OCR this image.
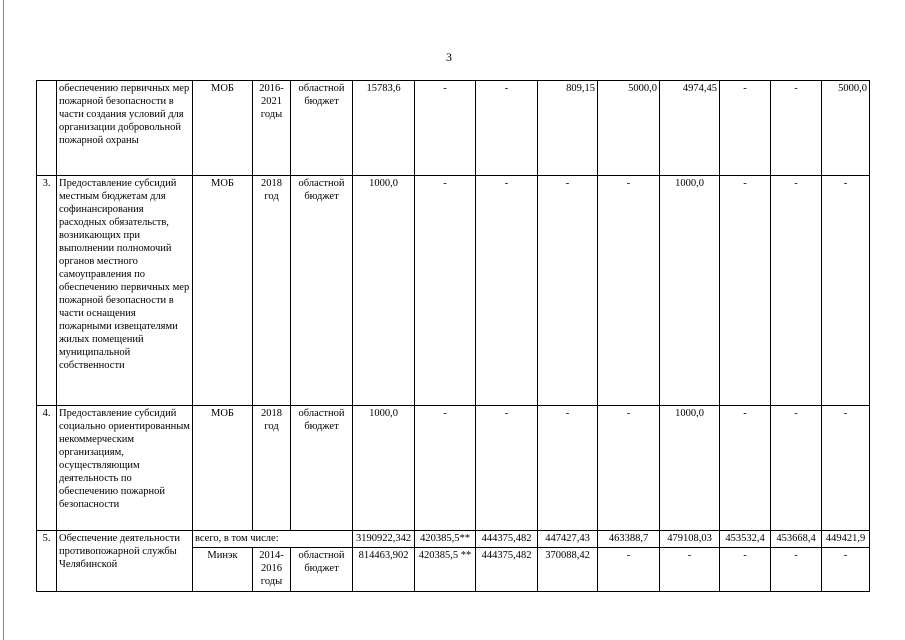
3
	обеспечению первичных мер пожарной безопасности в части создания условий для организации добровольной пожарной охраны	МОБ	2016-2021 годы	областной бюджет	15783,6	-	-	809,15	5000,0	4974,45	-	-	5000,0
3.	Предоставление субсидий местным бюджетам для софинансирования расходных обязательств, возникающих при выполнении полномочий органов местного самоуправления по обеспечению первичных мер пожарной безопасности в части оснащения пожарными извещателями жилых помещений муниципальной собственности	МОБ	2018 год	областной бюджет	1000,0	-	-	-	-	1000,0	-	-	-
4.	Предоставление субсидий социально ориентированным некоммерческим организациям, осуществляющим деятельность по обеспечению пожарной безопасности	МОБ	2018 год	областной бюджет	1000,0	-	-	-	-	1000,0	-	-	-
5.	Обеспечение деятельности противопожарной службы Челябинской	всего, в том числе:			3190922,342	420385,5**	444375,482	447427,43	463388,7	479108,03	453532,4	453668,4	449421,9
		Минэк	2014-2016 годы	областной бюджет	814463,902	420385,5 **	444375,482	370088,42	-	-	-	-	-
